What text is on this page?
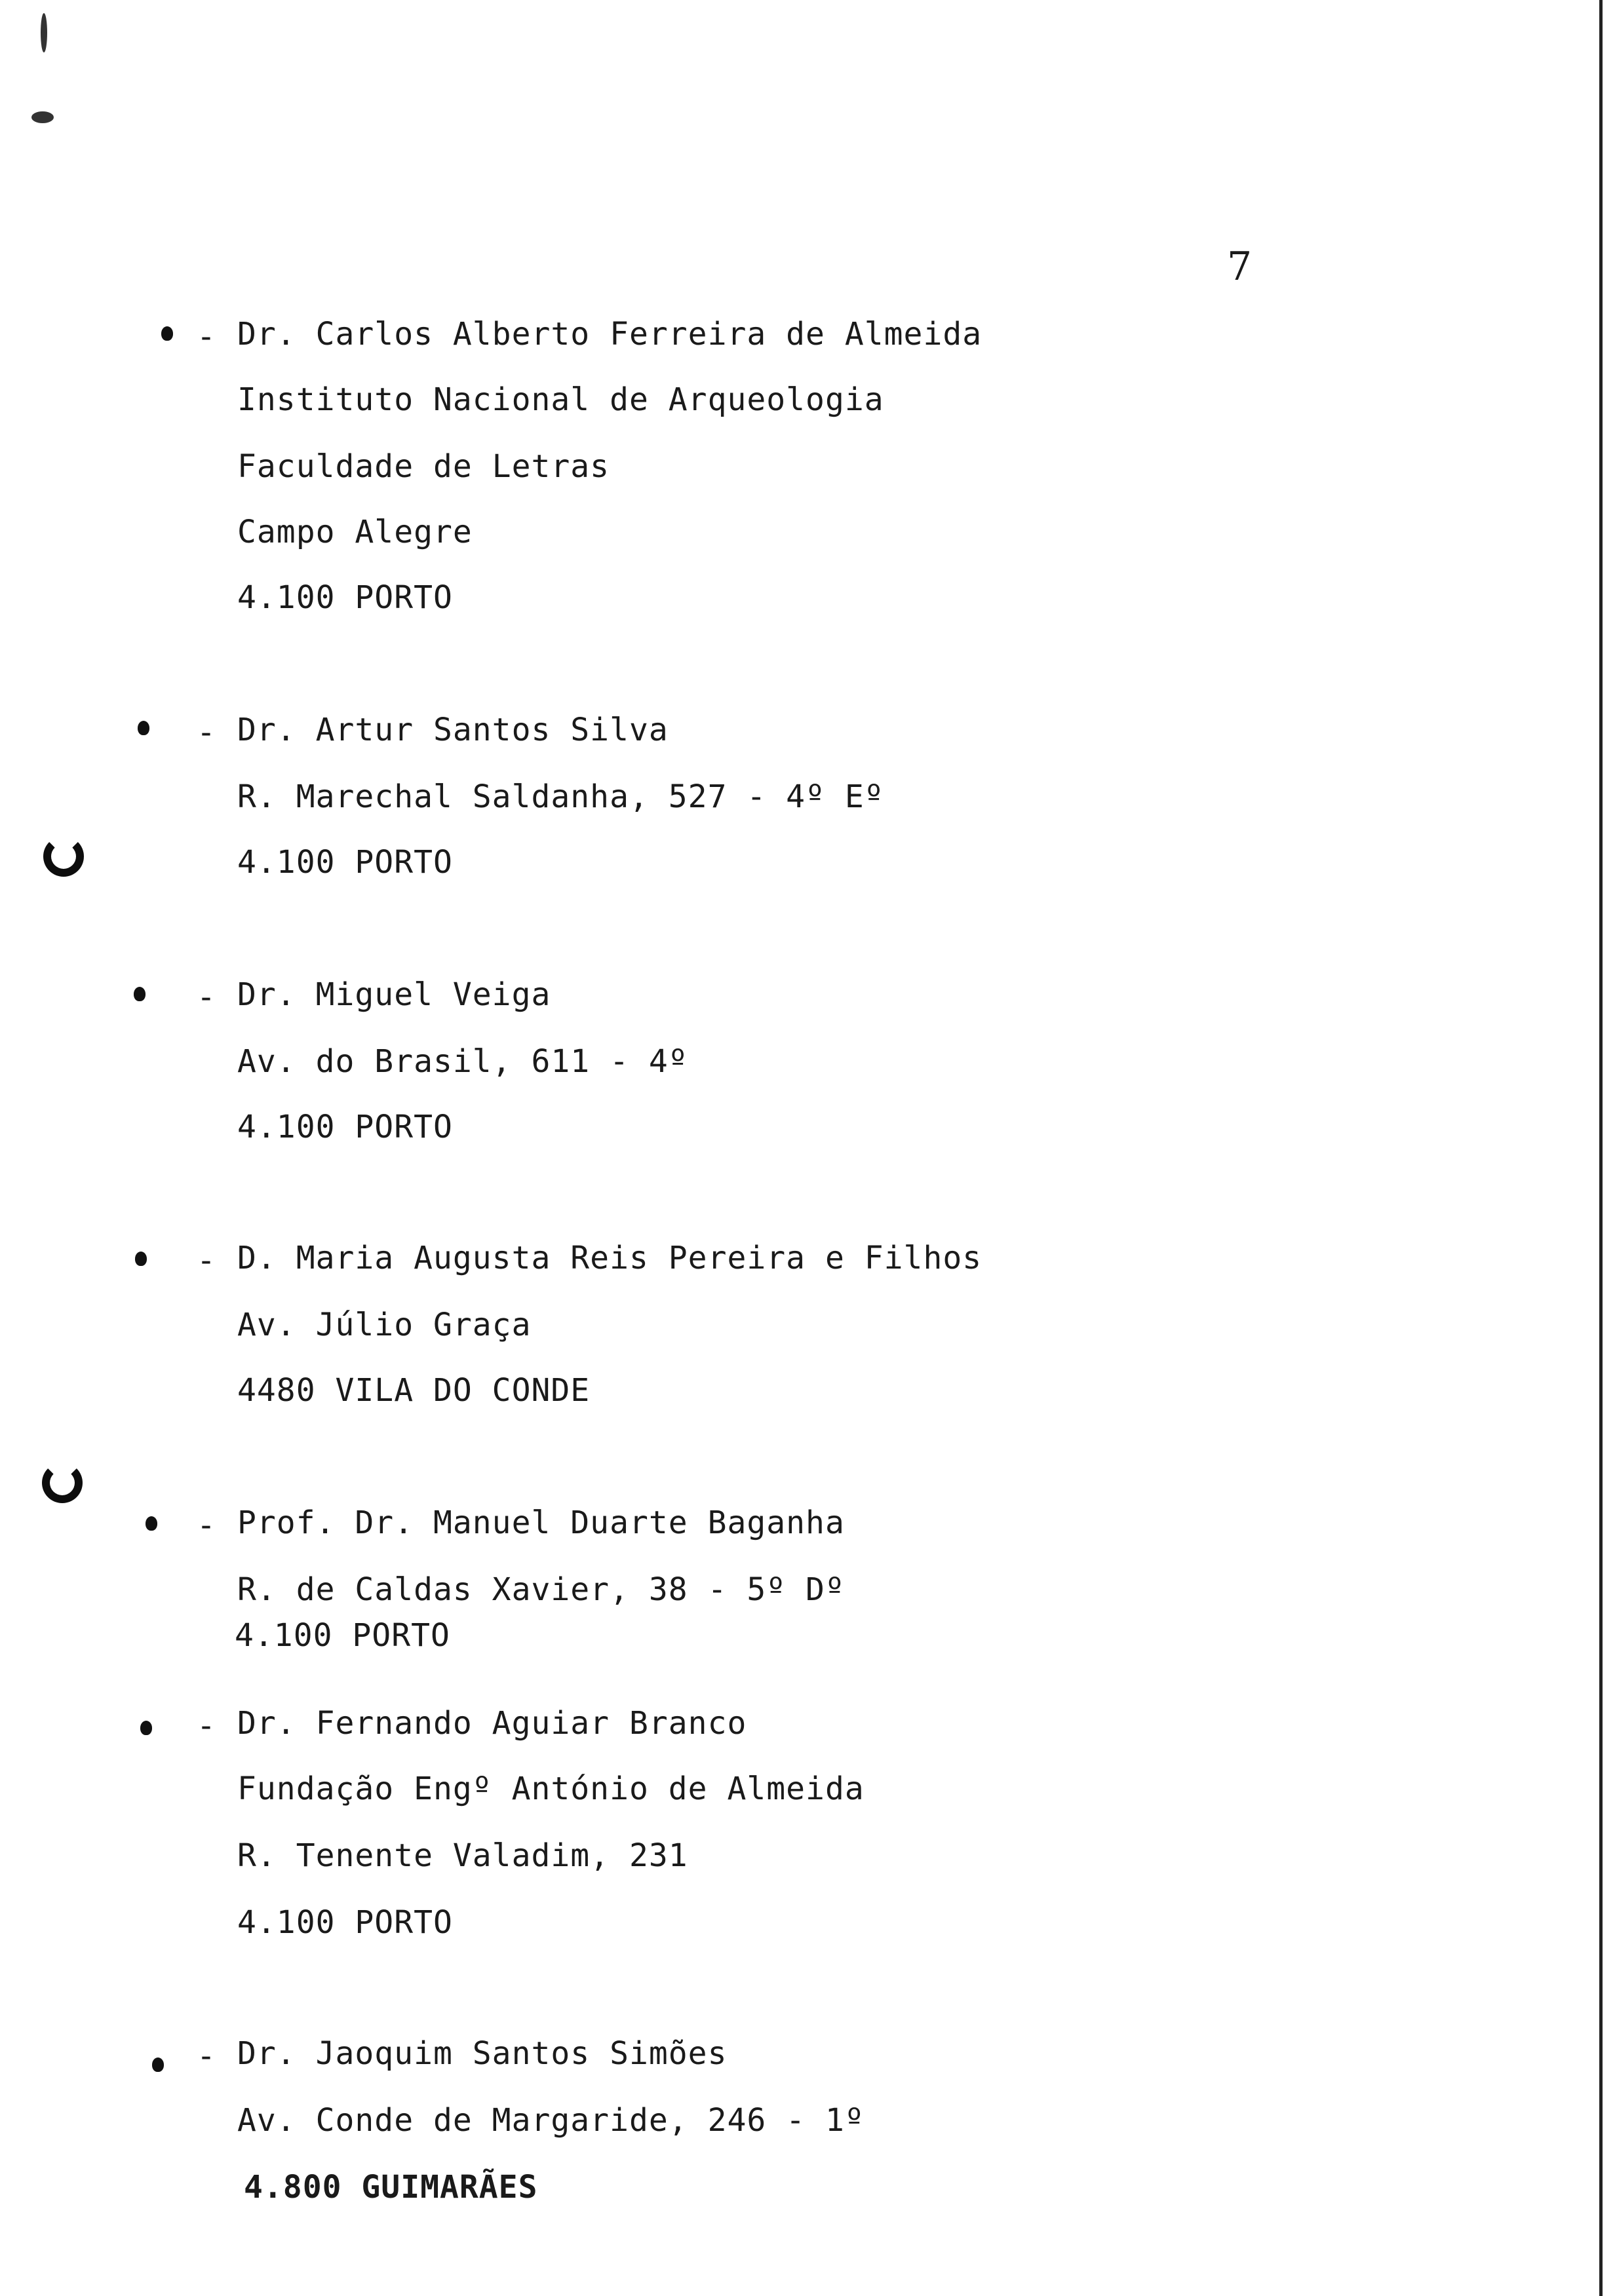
7
- Dr. Carlos Alberto Ferreira de Almeida
Instituto Nacional de Arqueologia
Faculdade de Letras
Campo Alegre
4.100 PORTO
- Dr. Artur Santos Silva
R. Marechal Saldanha, 527 - 4º Eº
4.100 PORTO
- Dr. Miguel Veiga
Av. do Brasil, 611 - 4º
4.100 PORTO
- D. Maria Augusta Reis Pereira e Filhos
Av. Júlio Graça
4480 VILA DO CONDE
- Prof. Dr. Manuel Duarte Baganha
R. de Caldas Xavier, 38 - 5º Dº
4.100 PORTO
- Dr. Fernando Aguiar Branco
Fundação Engº António de Almeida
R. Tenente Valadim, 231
4.100 PORTO
- Dr. Jaoquim Santos Simões
Av. Conde de Margaride, 246 - 1º
4.800 GUIMARÃES
